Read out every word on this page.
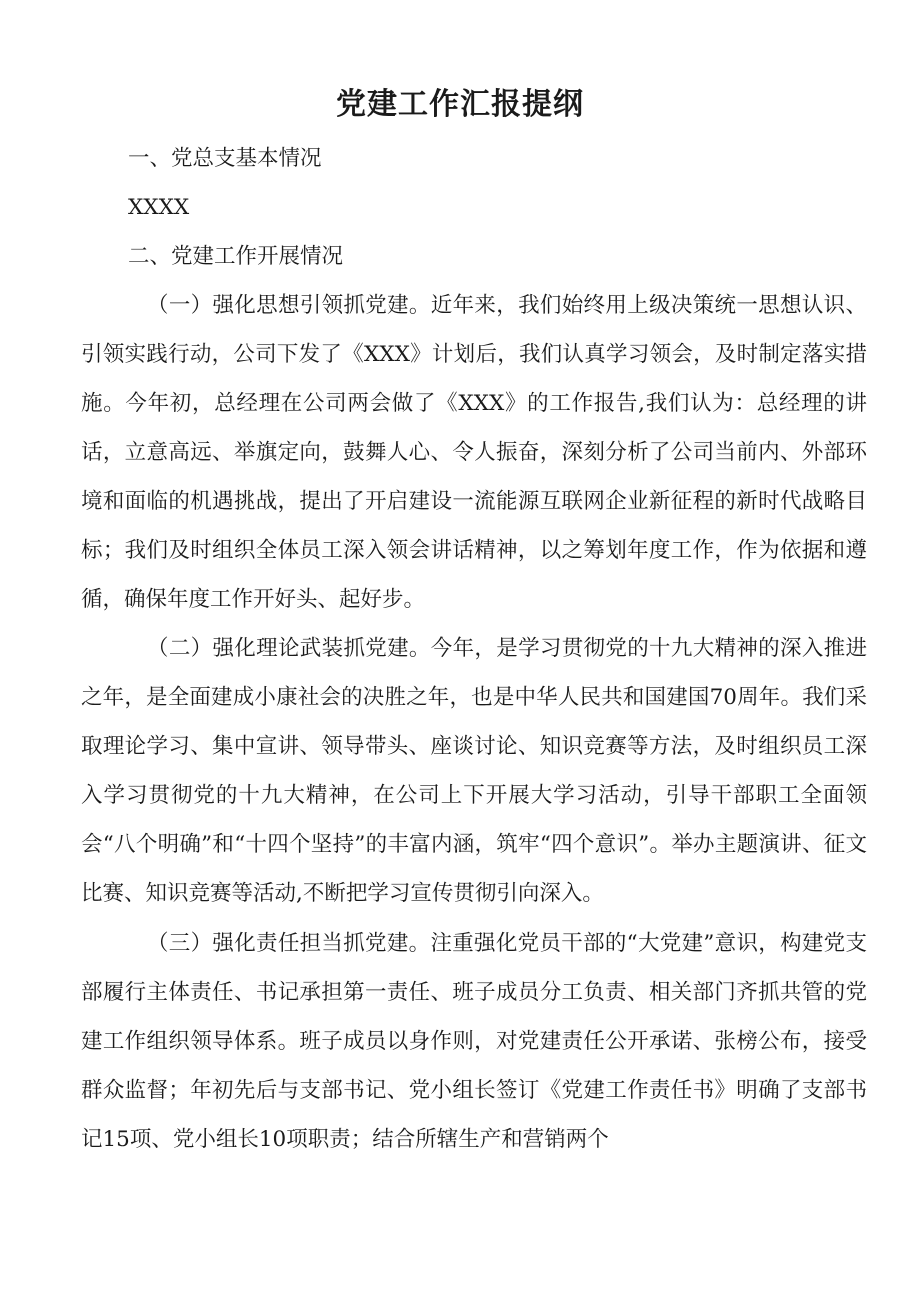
党建工作汇报提纲

一、党总支基本情况

XXXX

二、党建工作开展情况

（一）强化思想引领抓党建。近年来，我们始终用上级决策统一思想认识、引领实践行动，公司下发了《XXX》计划后，我们认真学习领会，及时制定落实措施。今年初，总经理在公司两会做了《XXX》的工作报告,我们认为：总经理的讲话，立意高远、举旗定向，鼓舞人心、令人振奋，深刻分析了公司当前内、外部环境和面临的机遇挑战，提出了开启建设一流能源互联网企业新征程的新时代战略目标；我们及时组织全体员工深入领会讲话精神，以之筹划年度工作，作为依据和遵循，确保年度工作开好头、起好步。

（二）强化理论武装抓党建。今年，是学习贯彻党的十九大精神的深入推进之年，是全面建成小康社会的决胜之年，也是中华人民共和国建国70周年。我们采取理论学习、集中宣讲、领导带头、座谈讨论、知识竞赛等方法，及时组织员工深入学习贯彻党的十九大精神，在公司上下开展大学习活动，引导干部职工全面领会“八个明确”和“十四个坚持”的丰富内涵，筑牢“四个意识”。举办主题演讲、征文比赛、知识竞赛等活动,不断把学习宣传贯彻引向深入。

（三）强化责任担当抓党建。注重强化党员干部的“大党建”意识，构建党支部履行主体责任、书记承担第一责任、班子成员分工负责、相关部门齐抓共管的党建工作组织领导体系。班子成员以身作则，对党建责任公开承诺、张榜公布，接受群众监督；年初先后与支部书记、党小组长签订《党建工作责任书》明确了支部书记15项、党小组长10项职责；结合所辖生产和营销两个
